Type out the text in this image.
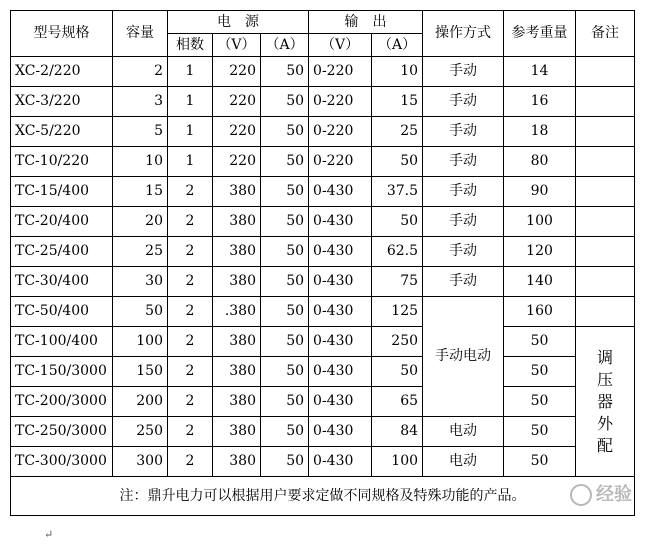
型号规格	容量	电　源			输　出		操作方式	参考重量	备注
		相数	（V）	（A）	（V）	（A）			
XC-2/220	2	1	220	50	0-220	10	手动	14	
XC-3/220	3	1	220	50	0-220	15	手动	16	
XC-5/220	5	1	220	50	0-220	25	手动	18	
TC-10/220	10	1	220	50	0-220	50	手动	80	
TC-15/400	15	2	380	50	0-430	37.5	手动	90	
TC-20/400	20	2	380	50	0-430	50	手动	100	
TC-25/400	25	2	380	50	0-430	62.5	手动	120	
TC-30/400	30	2	380	50	0-430	75	手动	140	
TC-50/400	50	2	.380	50	0-430	125	手动电动	160	
TC-100/400	100	2	380	50	0-430	250		50	调压器外配
TC-150/3000	150	2	380	50	0-430	50		50	
TC-200/3000	200	2	380	50	0-430	65		50	
TC-250/3000	250	2	380	50	0-430	84	电动	50	
TC-300/3000	300	2	380	50	0-430	100	电动	50	
注：鼎升电力可以根据用户要求定做不同规格及特殊功能的产品。										经验
↵
